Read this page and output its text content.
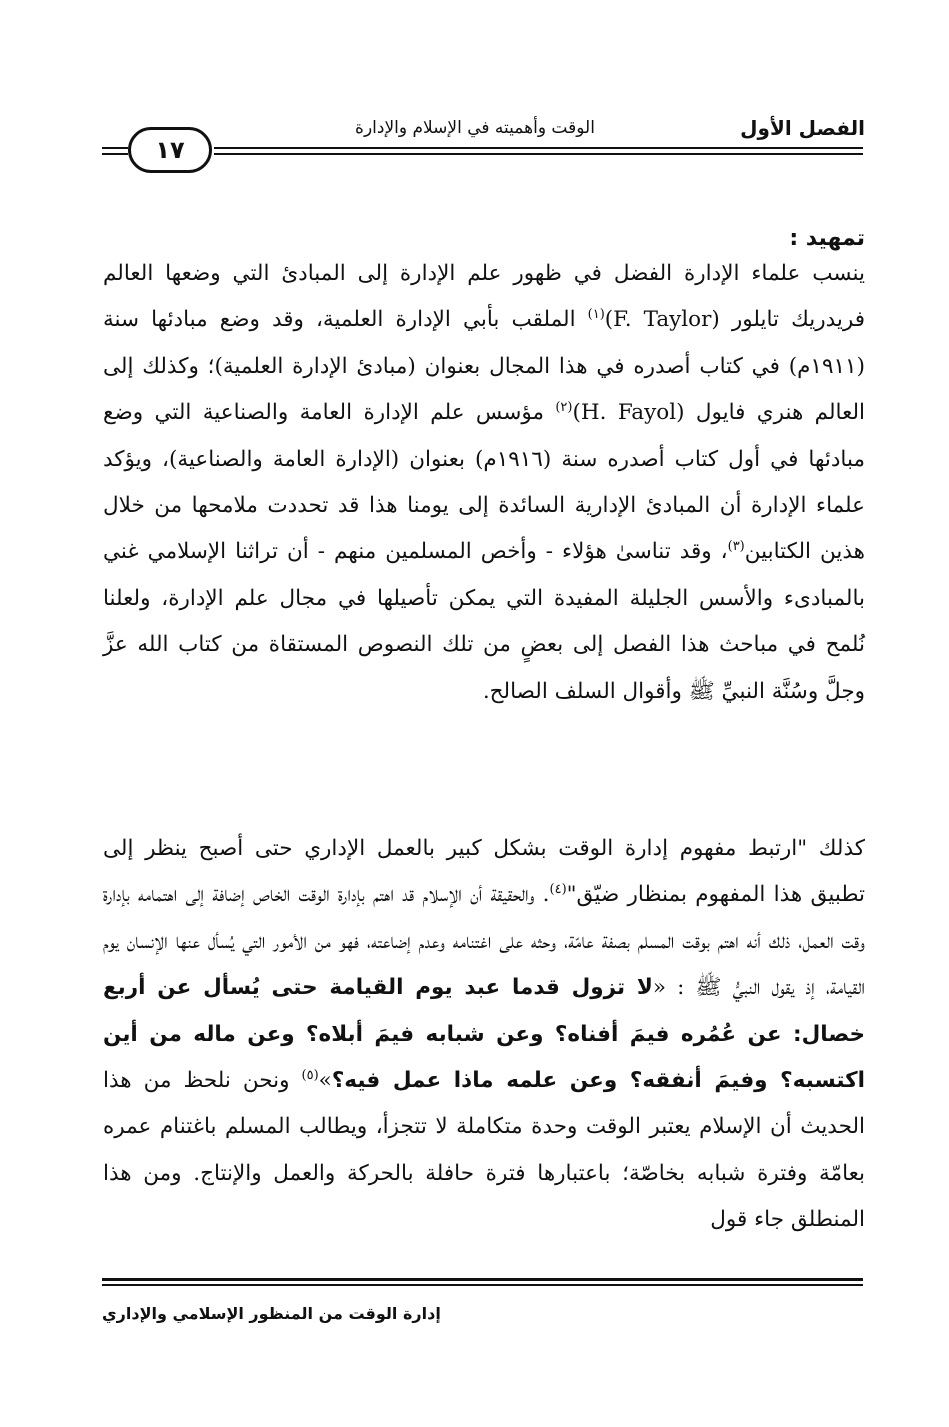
الفصل الأول
الوقت وأهميته في الإسلام والإدارة
١٧
تمهيد :

ينسب علماء الإدارة الفضل في ظهور علم الإدارة إلى المبادئ التي وضعها العالم فريدريك تايلور (F. Taylor)$^{(١)}$ الملقب بأبي الإدارة العلمية، وقد وضع مبادئها سنة (١٩١١م) في كتاب أصدره في هذا المجال بعنوان (مبادئ الإدارة العلمية)؛ وكذلك إلى العالم هنري فايول (H. Fayol)$^{(٢)}$ مؤسس علم الإدارة العامة والصناعية التي وضع مبادئها في أول كتاب أصدره سنة (١٩١٦م) بعنوان (الإدارة العامة والصناعية)، ويؤكد علماء الإدارة أن المبادئ الإدارية السائدة إلى يومنا هذا قد تحددت ملامحها من خلال هذين الكتابين$^{(٣)}$، وقد تناسىٰ هؤلاء - وأخص المسلمين منهم - أن تراثنا الإسلامي غني بالمبادىء والأسس الجليلة المفيدة التي يمكن تأصيلها في مجال علم الإدارة، ولعلنا نُلمح في مباحث هذا الفصل إلى بعضٍ من تلك النصوص المستقاة من كتاب الله عزَّ وجلَّ وسُنَّة النبيِّ ﷺ وأقوال السلف الصالح.

كذلك "ارتبط مفهوم إدارة الوقت بشكل كبير بالعمل الإداري حتى أصبح ينظر إلى تطبيق هذا المفهوم بمنظار ضيّق"$^{(٤)}$. والحقيقة أن الإسلام قد اهتم بإدارة الوقت الخاص إضافة إلى اهتمامه بإدارة وقت العمل، ذلك أنه اهتم بوقت المسلم بصفة عامّة، وحثه على اغتنامه وعدم إضاعته، فهو من الأمور التي يُسأل عنها الإنسان يوم القيامة، إذ يقول النبيُّ ﷺ : «لا تزول قدما عبد يوم القيامة حتى يُسأل عن أربع خصال: عن عُمُره فيمَ أفناه؟ وعن شبابه فيمَ أبلاه؟ وعن ماله من أين اكتسبه؟ وفيمَ أنفقه؟ وعن علمه ماذا عمل فيه؟»$^{(٥)}$ ونحن نلحظ من هذا الحديث أن الإسلام يعتبر الوقت وحدة متكاملة لا تتجزأ، ويطالب المسلم باغتنام عمره بعامّة وفترة شبابه بخاصّة؛ باعتبارها فترة حافلة بالحركة والعمل والإنتاج. ومن هذا المنطلق جاء قول

إدارة الوقت من المنظور الإسلامي والإداري
